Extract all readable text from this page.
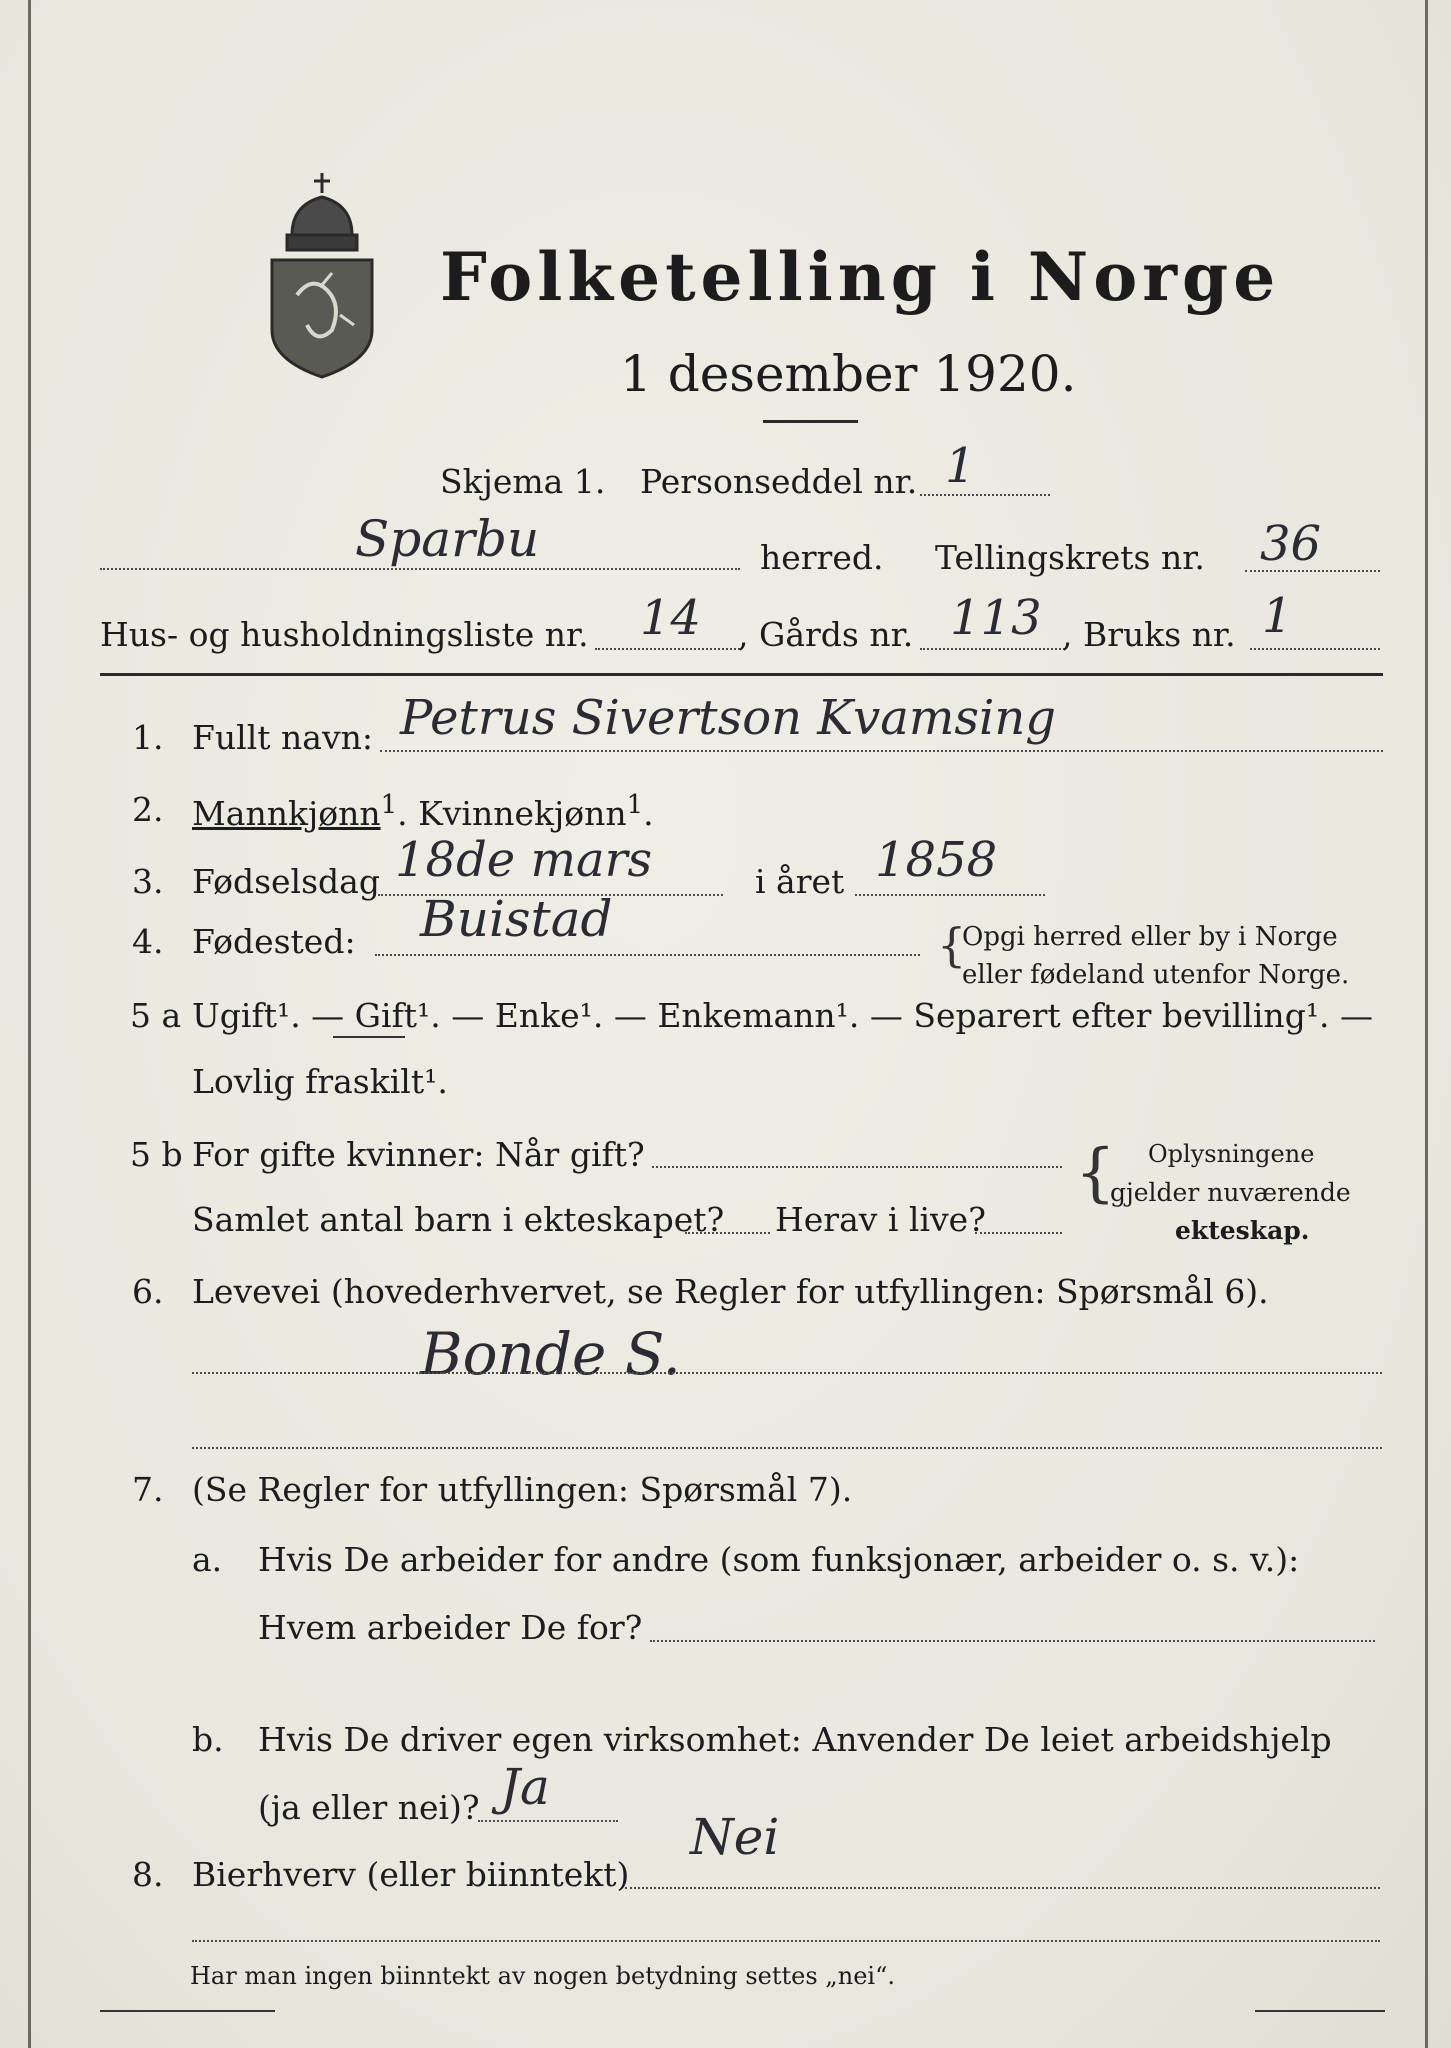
Folketelling i Norge
1 desember 1920.
Skjema 1. Personseddel nr. 1
Sparbu	herred. Tellingskrets nr. 36
Hus- og husholdningsliste nr. 14 , Gårds nr. 113 , Bruks nr. 1
1. Fullt navn: Petrus Sivertson Kvamsing
2. Mannkjønn$^1$. Kvinnekjønn$^1$.
3. Fødselsdag 18de mars	i året 1858
4. Fødested: Buistad	{
Opgi herred eller by i Norge
eller fødeland utenfor Norge.
5 a Ugift¹. — Gift¹. — Enke¹. — Enkemann¹. — Separert efter bevilling¹. —
Lovlig fraskilt¹.
5 b For gifte kvinner: Når gift?
Samlet antal barn i ekteskapet? Herav i live?
{ Oplysningene
gjelder nuværende
ekteskap.
6. Levevei (hovederhvervet, se Regler for utfyllingen: Spørsmål 6).
Bonde S.
7. (Se Regler for utfyllingen: Spørsmål 7).
a. Hvis De arbeider for andre (som funksjonær, arbeider o. s. v.):
Hvem arbeider De for?
b. Hvis De driver egen virksomhet: Anvender De leiet arbeidshjelp
(ja eller nei)? Ja
8. Bierhverv (eller biinntekt)
Nei
Har man ingen biinntekt av nogen betydning settes „nei“.
